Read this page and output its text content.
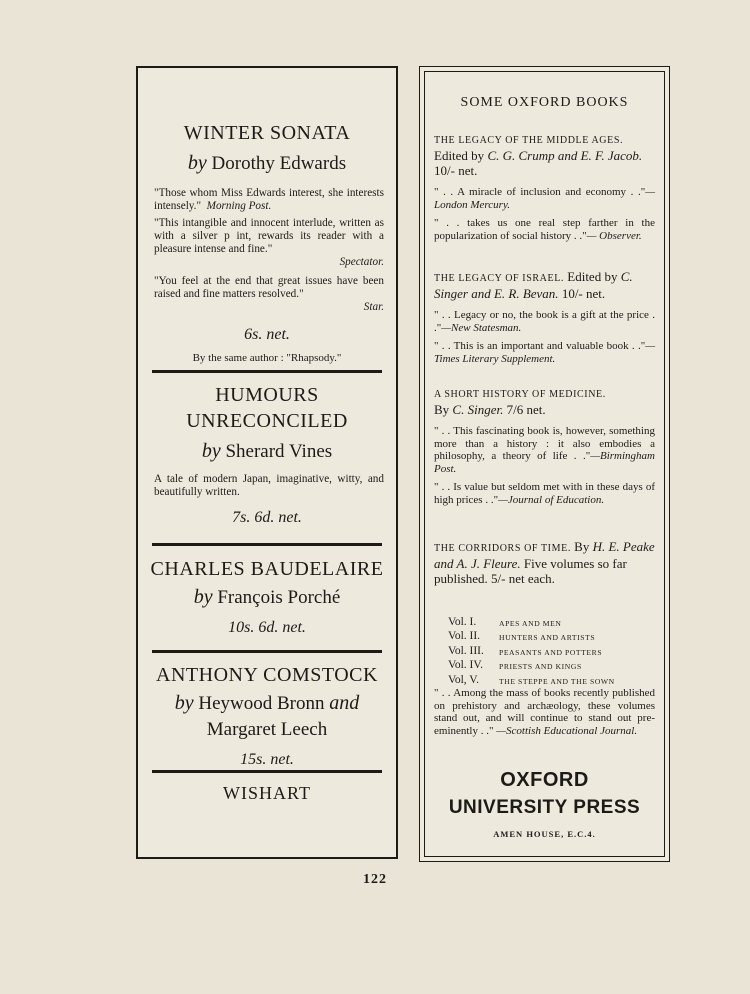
WINTER SONATA
by Dorothy Edwards

"Those whom Miss Edwards interest, she interests intensely." Morning Post.

"This intangible and innocent interlude, written as with a silver p int, rewards its reader with a pleasure intense and fine."
Spectator.

"You feel at the end that great issues have been raised and fine matters resolved."
Star.

6s. net.
By the same author : "Rhapsody."
HUMOURS
UNRECONCILED
by Sherard Vines

A tale of modern Japan, imaginative, witty, and beautifully written.

7s. 6d. net.
CHARLES BAUDELAIRE
by François Porché
10s. 6d. net.
ANTHONY COMSTOCK
by Heywood Bronn and
Margaret Leech
15s. net.
WISHART
SOME OXFORD BOOKS
THE LEGACY OF THE MIDDLE AGES.
Edited by C. G. Crump and E. F. Jacob. 10/- net.
" . . A miracle of inclusion and economy . ."—London Mercury.
" . . takes us one real step farther in the popularization of social history . ."— Observer.
THE LEGACY OF ISRAEL. Edited by C. Singer and E. R. Bevan. 10/- net.
" . . Legacy or no, the book is a gift at the price . ."—New Statesman.
" . . This is an important and valuable book . ."— Times Literary Supplement.
A SHORT HISTORY OF MEDICINE.
By C. Singer. 7/6 net.
" . . This fascinating book is, however, something more than a history : it also embodies a philosophy, a theory of life . ."—Birmingham Post.
" . . Is value but seldom met with in these days of high prices . ."—Journal of Education.
THE CORRIDORS OF TIME. By H. E. Peake and A. J. Fleure. Five volumes so far published. 5/- net each.
Vol. I.	APES AND MEN
Vol. II.	HUNTERS AND ARTISTS
Vol. III.	PEASANTS AND POTTERS
Vol. IV.	PRIESTS AND KINGS
Vol, V.	THE STEPPE AND THE SOWN
" . . Among the mass of books recently published on prehistory and archæology, these volumes stand out, and will continue to stand out pre-eminently . ." —Scottish Educational Journal.
OXFORD
UNIVERSITY PRESS
AMEN HOUSE, E.C.4.
122
